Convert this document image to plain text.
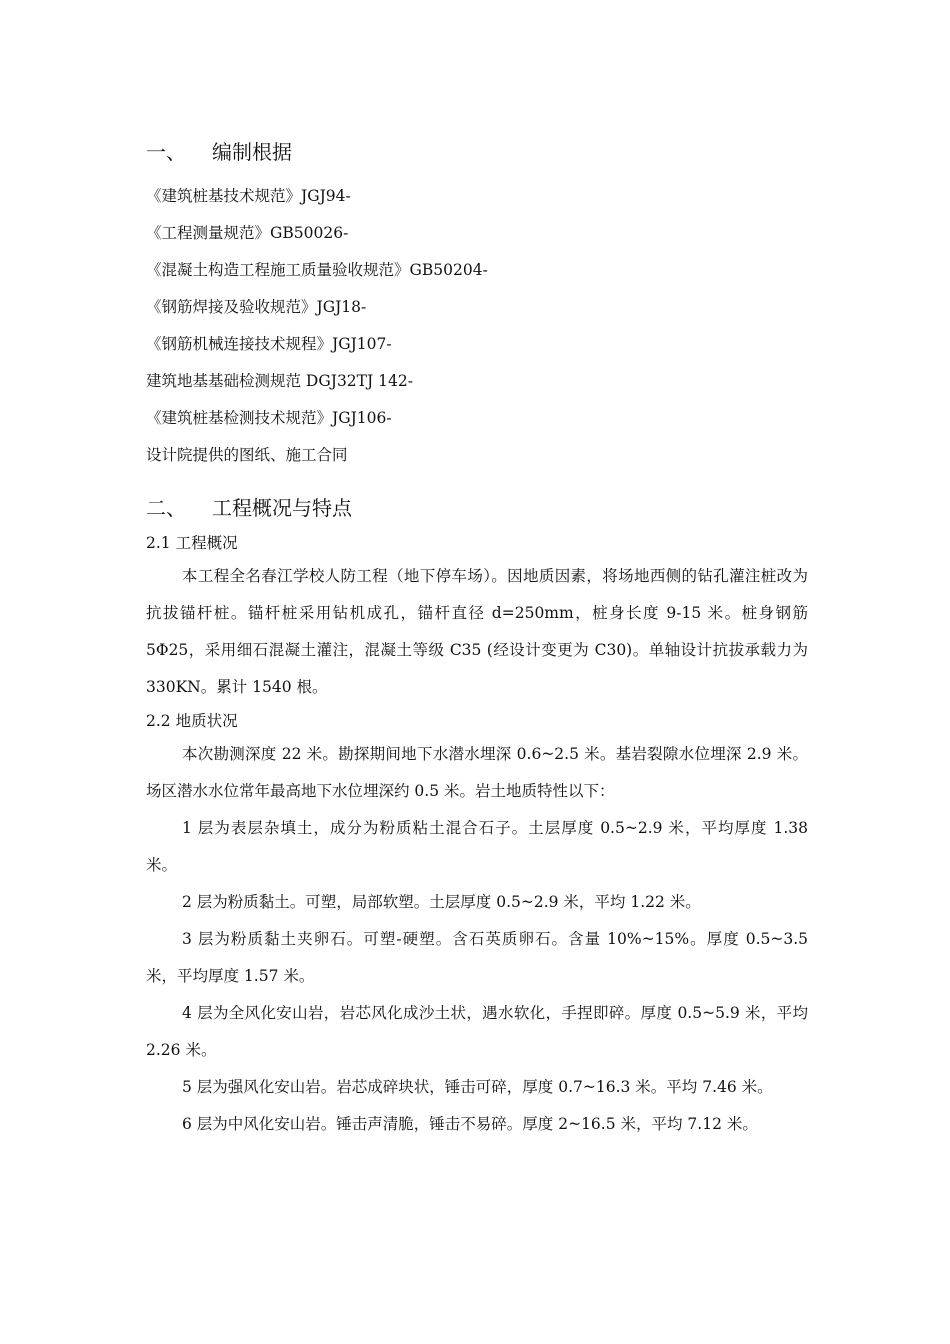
一、 编制根据
《建筑桩基技术规范》JGJ94-
《工程测量规范》GB50026-
《混凝土构造工程施工质量验收规范》GB50204-
《钢筋焊接及验收规范》JGJ18-
《钢筋机械连接技术规程》JGJ107-
建筑地基基础检测规范 DGJ32TJ 142-
《建筑桩基检测技术规范》JGJ106-
设计院提供的图纸、施工合同
二、 工程概况与特点
2.1 工程概况

本工程全名春江学校人防工程（地下停车场）。因地质因素，将场地西侧的钻孔灌注桩改为抗拔锚杆桩。锚杆桩采用钻机成孔，锚杆直径 d=250mm，桩身长度 9-15 米。桩身钢筋 5Φ25，采用细石混凝土灌注，混凝土等级 C35 (经设计变更为 C30)。单轴设计抗拔承载力为 330KN。累计 1540 根。

2.2 地质状况

本次勘测深度 22 米。勘探期间地下水潜水埋深 0.6~2.5 米。基岩裂隙水位埋深 2.9 米。场区潜水水位常年最高地下水位埋深约 0.5 米。岩土地质特性以下：

1 层为表层杂填土，成分为粉质粘土混合石子。土层厚度 0.5~2.9 米，平均厚度 1.38 米。

2 层为粉质黏土。可塑，局部软塑。土层厚度 0.5~2.9 米，平均 1.22 米。

3 层为粉质黏土夹卵石。可塑-硬塑。含石英质卵石。含量 10%~15%。厚度 0.5~3.5 米，平均厚度 1.57 米。

4 层为全风化安山岩，岩芯风化成沙土状，遇水软化，手捏即碎。厚度 0.5~5.9 米，平均 2.26 米。

5 层为强风化安山岩。岩芯成碎块状，锤击可碎，厚度 0.7~16.3 米。平均 7.46 米。

6 层为中风化安山岩。锤击声清脆，锤击不易碎。厚度 2~16.5 米，平均 7.12 米。
